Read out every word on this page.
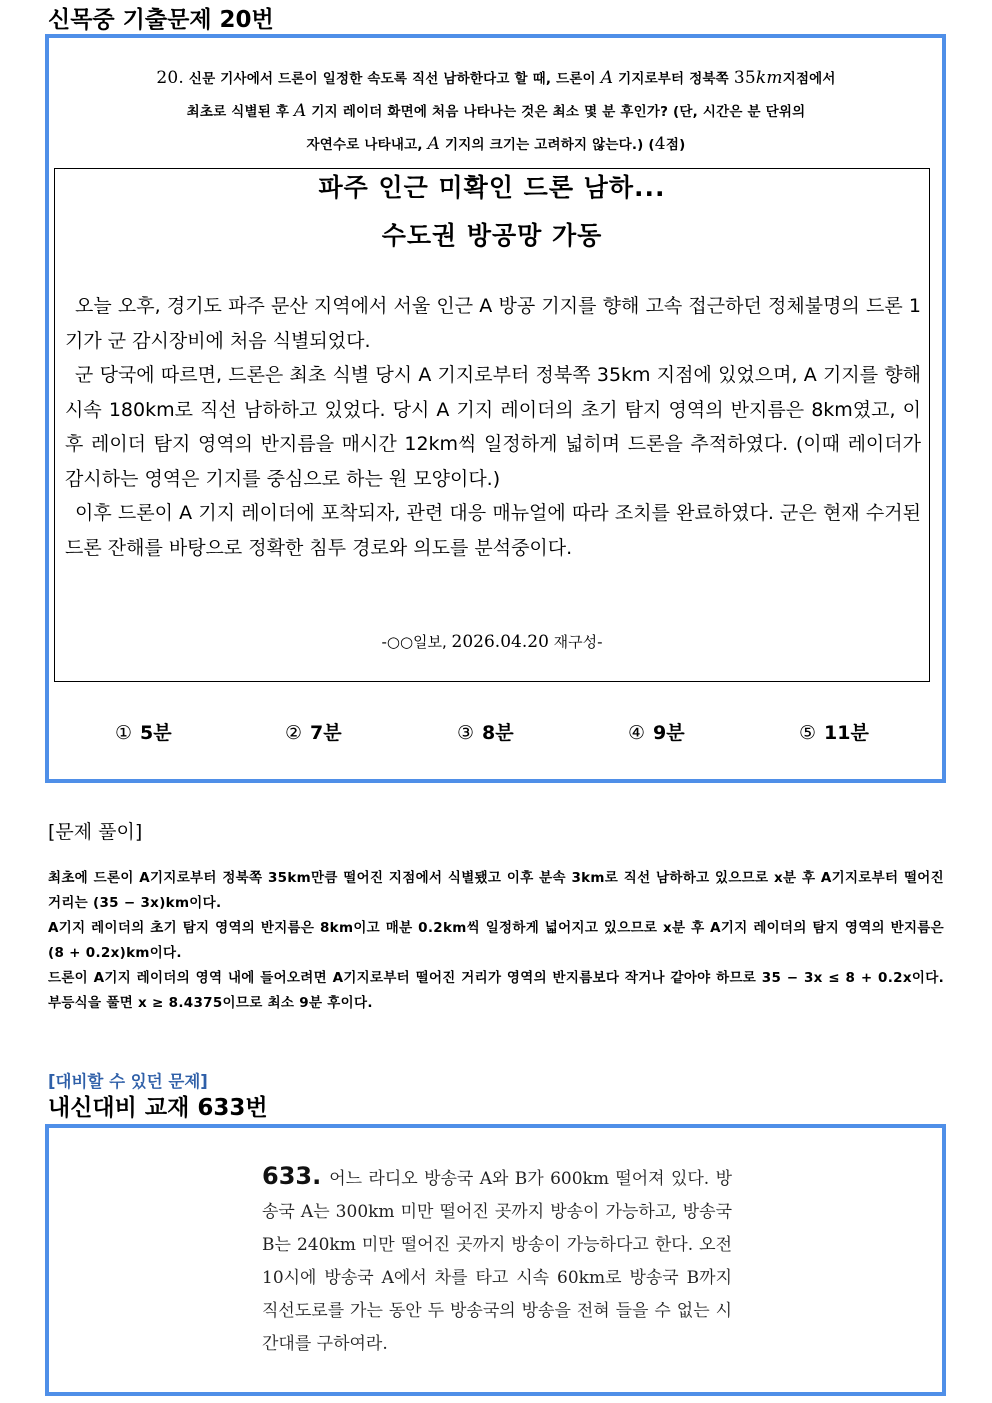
신목중 기출문제 20번
20. 신문 기사에서 드론이 일정한 속도록 직선 남하한다고 할 때, 드론이 A 기지로부터 정북쪽 35km지점에서
최초로 식별된 후 A 기지 레이더 화면에 처음 나타나는 것은 최소 몇 분 후인가? (단, 시간은 분 단위의
자연수로 나타내고, A 기지의 크기는 고려하지 않는다.) (4점)
파주 인근 미확인 드론 남하...
수도권 방공망 가동

오늘 오후, 경기도 파주 문산 지역에서 서울 인근 A 방공 기지를 향해 고속 접근하던 정체불명의 드론 1기가 군 감시장비에 처음 식별되었다.

군 당국에 따르면, 드론은 최초 식별 당시 A 기지로부터 정북쪽 35km 지점에 있었으며, A 기지를 향해 시속 180km로 직선 남하하고 있었다. 당시 A 기지 레이더의 초기 탐지 영역의 반지름은 8km였고, 이후 레이더 탐지 영역의 반지름을 매시간 12km씩 일정하게 넓히며 드론을 추적하였다. (이때 레이더가 감시하는 영역은 기지를 중심으로 하는 원 모양이다.)

이후 드론이 A 기지 레이더에 포착되자, 관련 대응 매뉴얼에 따라 조치를 완료하였다. 군은 현재 수거된 드론 잔해를 바탕으로 정확한 침투 경로와 의도를 분석중이다.

-○○일보, 2026.04.20 재구성-
① 5분	② 7분	③ 8분	④ 9분	⑤ 11분
[문제 풀이]

최초에 드론이 A기지로부터 정북쪽 35km만큼 떨어진 지점에서 식별됐고 이후 분속 3km로 직선 남하하고 있으므로 x분 후 A기지로부터 떨어진 거리는 (35 − 3x)km이다.

A기지 레이더의 초기 탐지 영역의 반지름은 8km이고 매분 0.2km씩 일정하게 넓어지고 있으므로 x분 후 A기지 레이더의 탐지 영역의 반지름은 (8 + 0.2x)km이다.

드론이 A기지 레이더의 영역 내에 들어오려면 A기지로부터 떨어진 거리가 영역의 반지름보다 작거나 같아야 하므로 35 − 3x ≤ 8 + 0.2x이다. 부등식을 풀면 x ≥ 8.4375이므로 최소 9분 후이다.

[대비할 수 있던 문제]
내신대비 교재 633번
633. 어느 라디오 방송국 A와 B가 600km 떨어져 있다. 방송국 A는 300km 미만 떨어진 곳까지 방송이 가능하고, 방송국 B는 240km 미만 떨어진 곳까지 방송이 가능하다고 한다. 오전 10시에 방송국 A에서 차를 타고 시속 60km로 방송국 B까지 직선도로를 가는 동안 두 방송국의 방송을 전혀 들을 수 없는 시간대를 구하여라.
